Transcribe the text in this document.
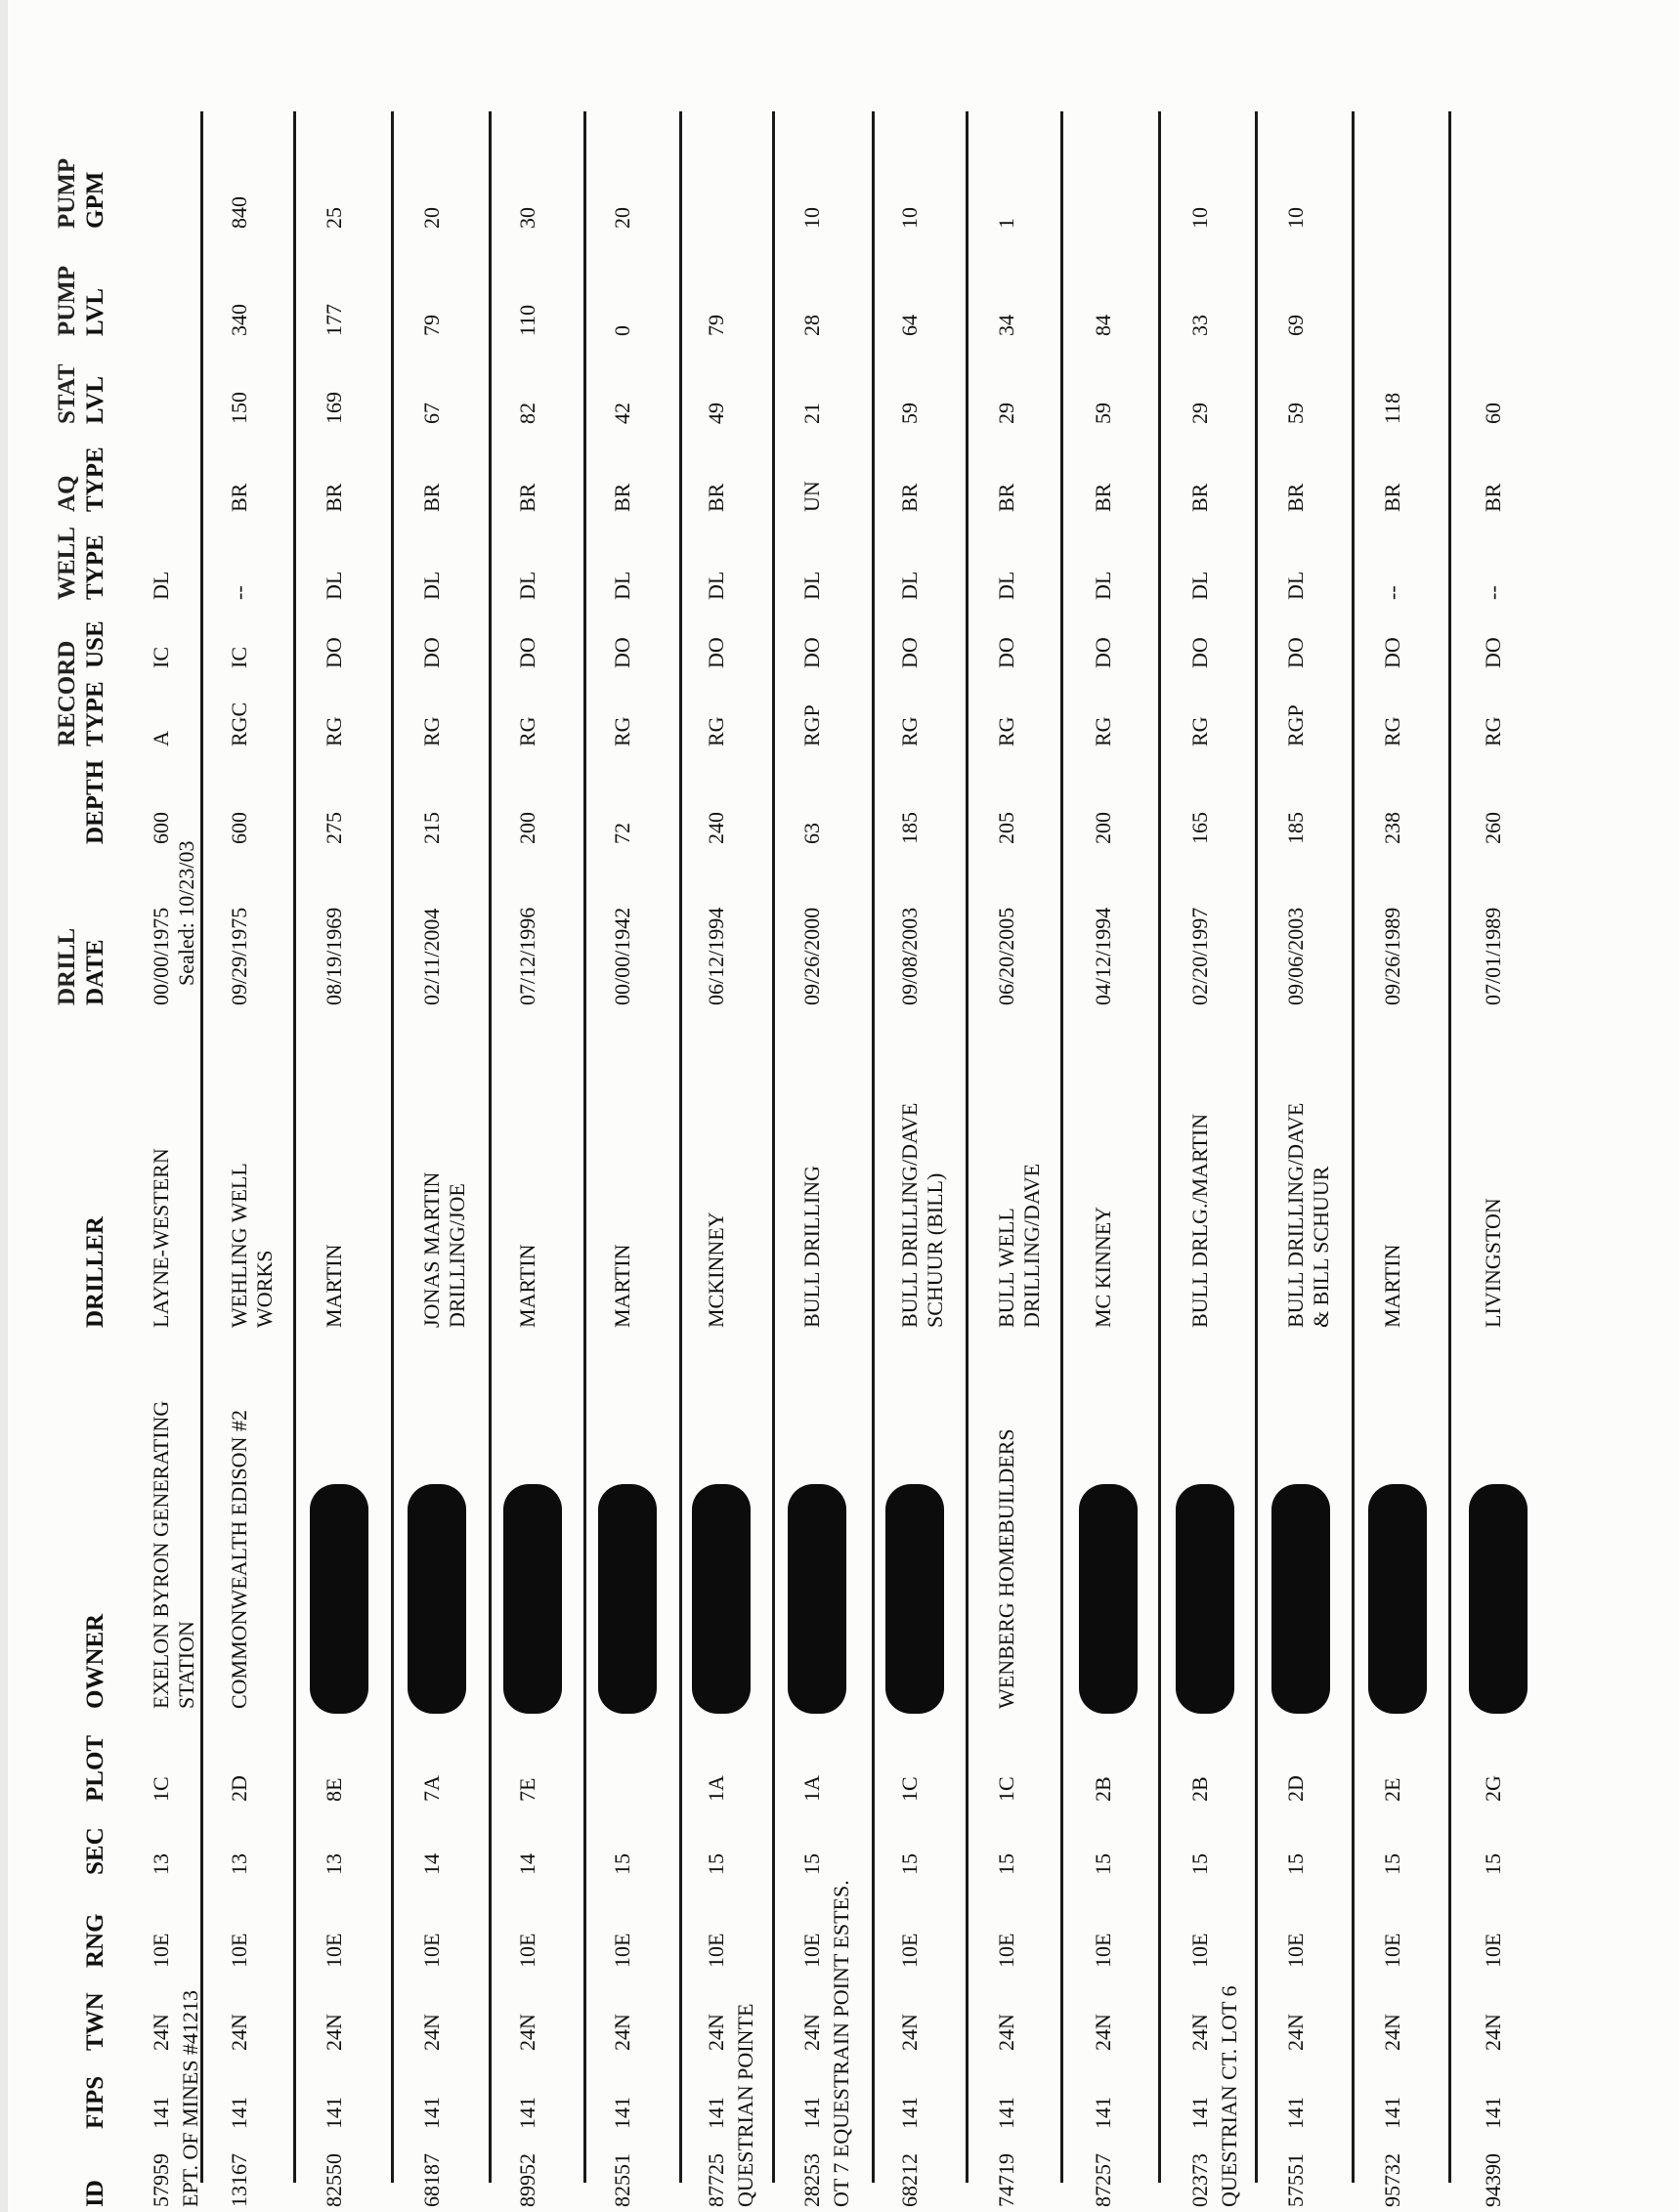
ID
FIPS
TWN
RNG
SEC
PLOT
OWNER
DRILLER
DRILL DATE
DEPTH
RECORD TYPE
USE
WELL TYPE
AQ TYPE
STAT LVL
PUMP LVL
PUMP GPM
57959
141
24N
10E
13
1C
EXELON BYRON GENERATING
LAYNE-WESTERN
00/00/1975
600
A
IC
DL
STATION
Sealed: 10/23/03
EPT. OF MINES #41213 13167
141
24N
10E
13
2D
COMMONWEALTH EDISON #2
WEHLING WELL
09/29/1975
600
RGC
IC
--
BR
150
340
840
WORKS
82550
141
24N
10E
13
8E
MARTIN
08/19/1969
275
RG
DO
DL
BR
169
177
25
68187
141
24N
10E
14
7A
JONAS MARTIN
02/11/2004
215
RG
DO
DL
BR
67
79
20
DRILLING/JOE
89952
141
24N
10E
14
7E
MARTIN
07/12/1996
200
RG
DO
DL
BR
82
110
30
82551
141
24N
10E
15
MARTIN
00/00/1942
72
RG
DO
DL
BR
42
0
20
87725
141
24N
10E
15
1A
MCKINNEY
06/12/1994
240
RG
DO
DL
BR
49
79
QUESTRIAN POINTE 28253
141
24N
10E
15
1A
BULL DRILLING
09/26/2000
63
RGP
DO
DL
UN
21
28
10
OT 7 EQUESTRAIN POINT ESTES. 68212
141
24N
10E
15
1C
BULL DRILLING/DAVE
09/08/2003
185
RG
DO
DL
BR
59
64
10
SCHUUR (BILL)
74719
141
24N
10E
15
1C
WENBERG HOMEBUILDERS
BULL WELL
06/20/2005
205
RG
DO
DL
BR
29
34
1
DRILLING/DAVE
87257
141
24N
10E
15
2B
MC KINNEY
04/12/1994
200
RG
DO
DL
BR
59
84
02373
141
24N
10E
15
2B
BULL DRLG./MARTIN
02/20/1997
165
RG
DO
DL
BR
29
33
10
QUESTRIAN CT. LOT 6 57551
141
24N
10E
15
2D
BULL DRILLING/DAVE
09/06/2003
185
RGP
DO
DL
BR
59
69
10
& BILL SCHUUR
95732
141
24N
10E
15
2E
MARTIN
09/26/1989
238
RG
DO
--
BR
118
94390
141
24N
10E
15
2G
LIVINGSTON
07/01/1989
260
RG
DO
--
BR
60
